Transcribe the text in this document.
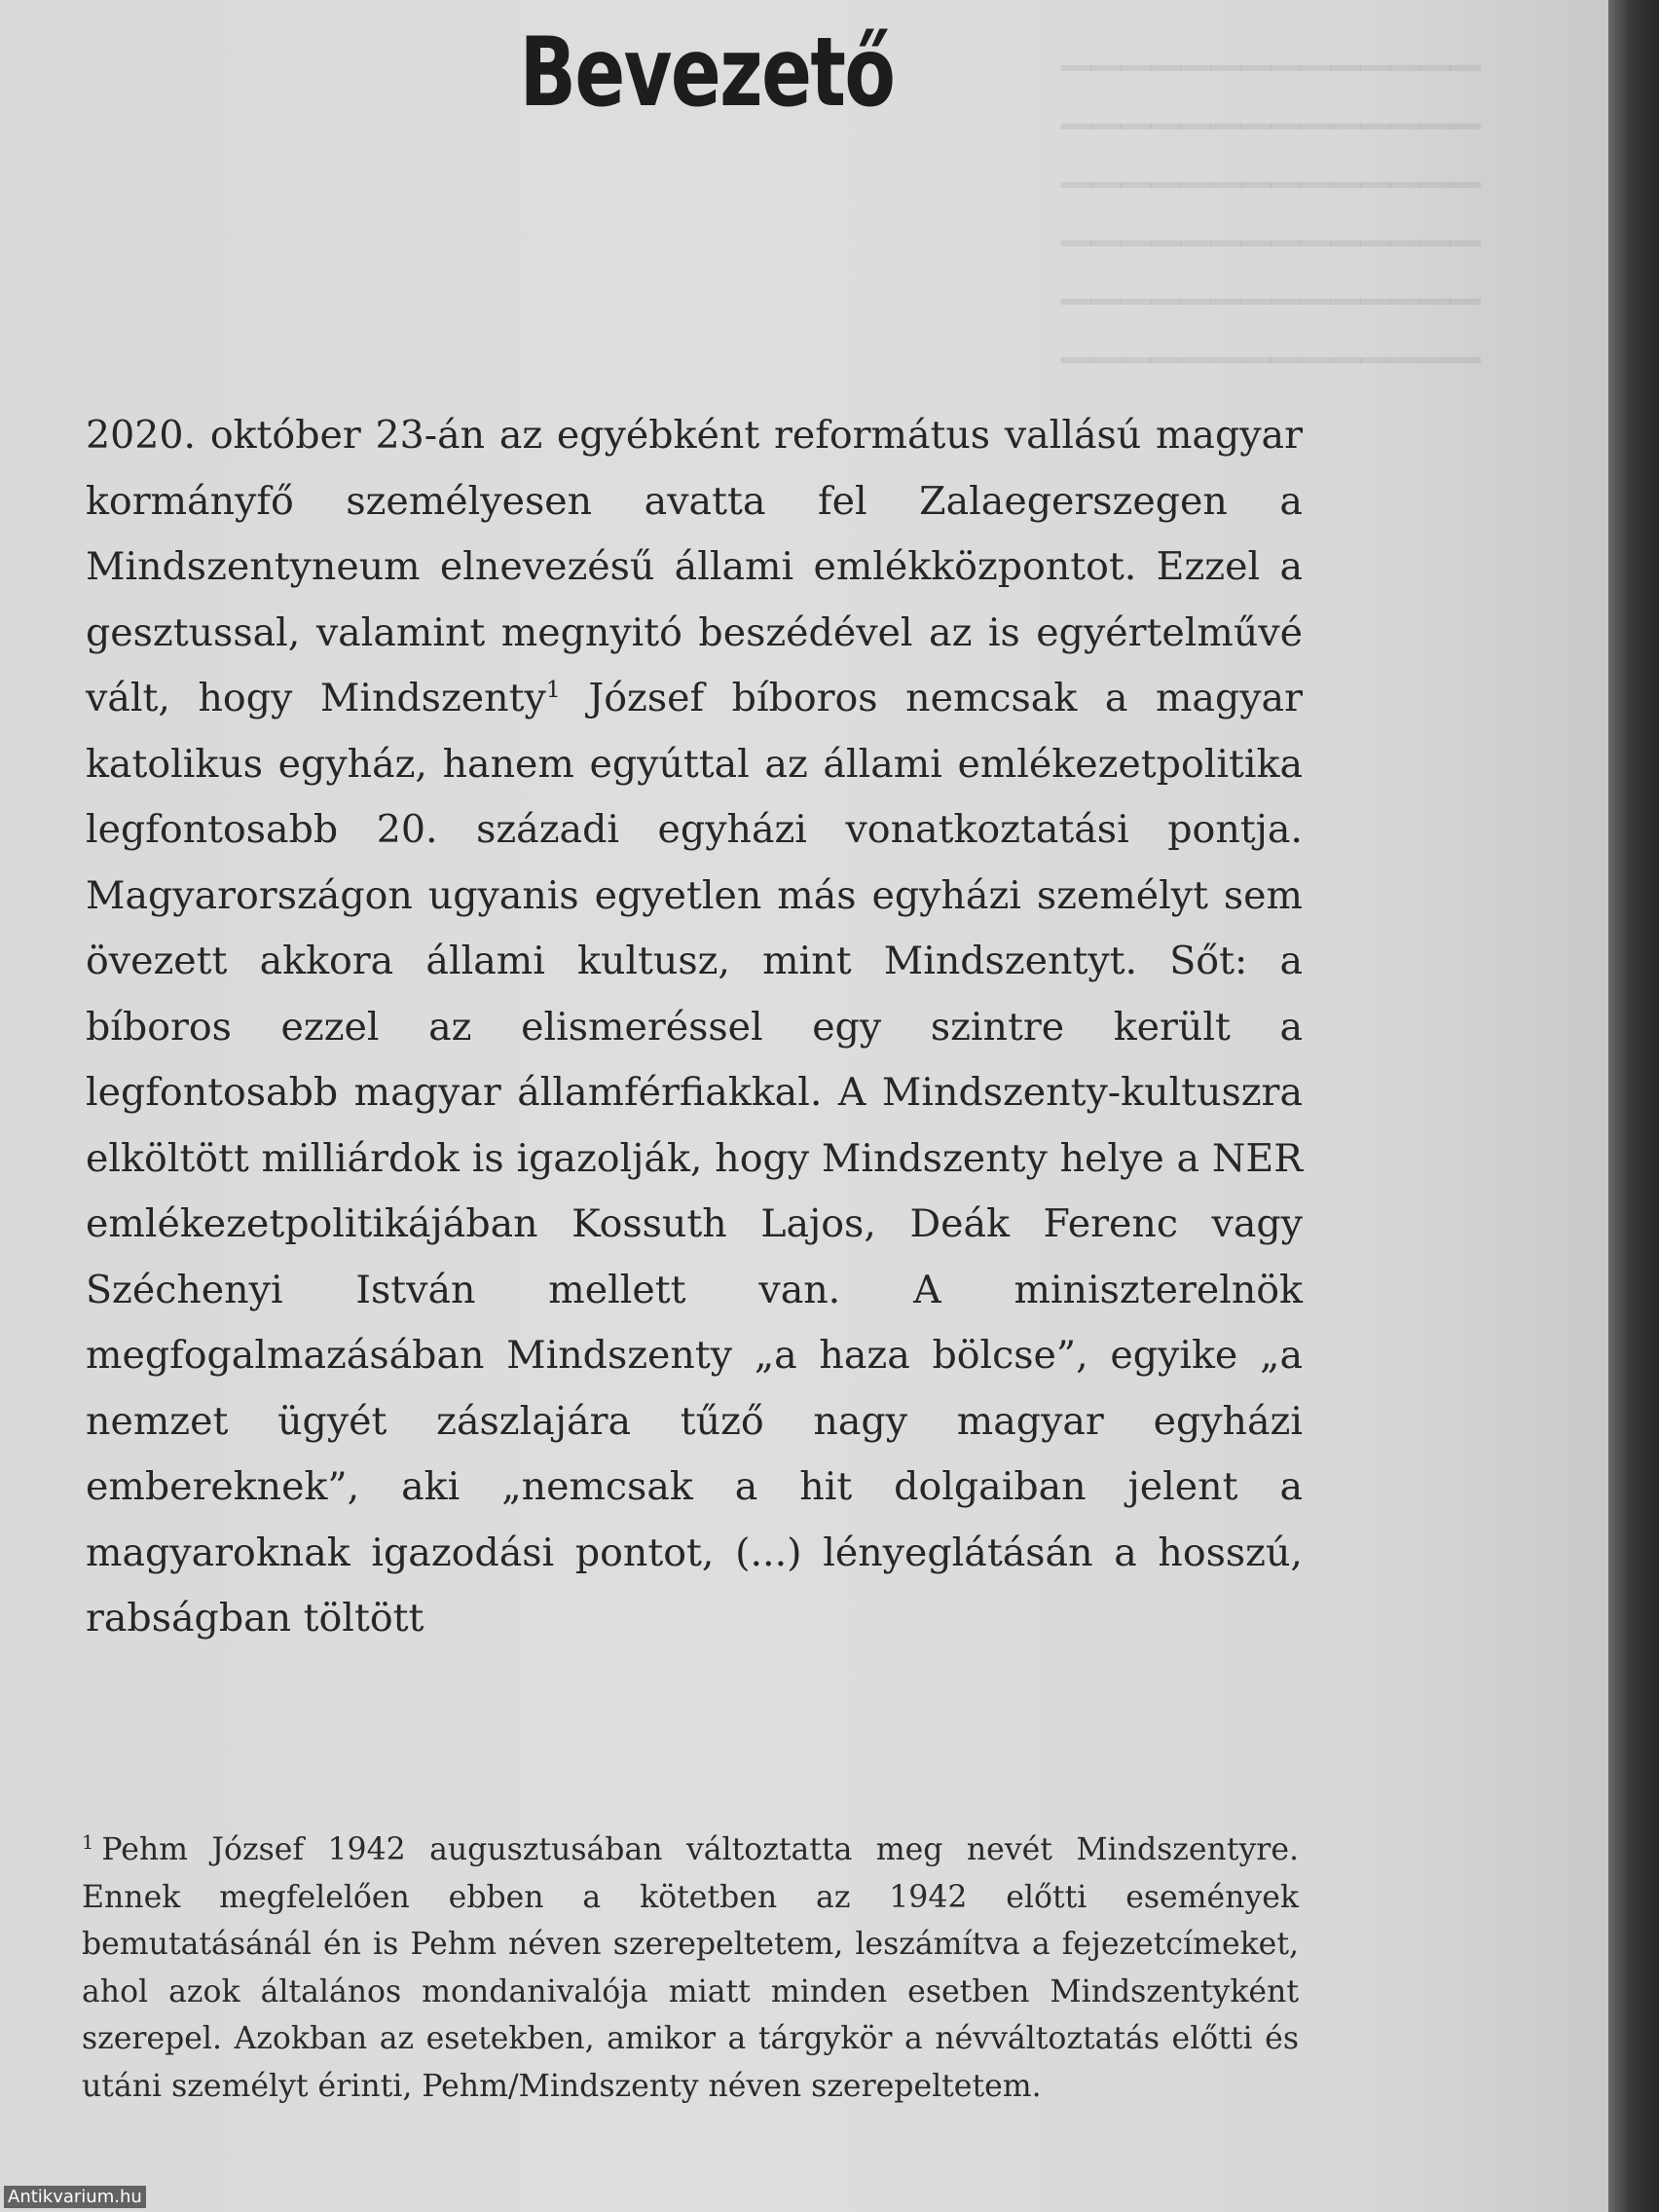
▁▁▁▁▁▁▁▁▁▁▁▁▁▁
▁▁▁▁▁▁▁▁▁▁▁▁▁▁
▁▁▁▁▁▁▁▁▁▁▁▁▁▁
▁▁▁▁▁▁▁▁▁▁▁▁▁▁
▁▁▁▁▁▁▁▁▁▁▁▁▁▁
▁▁▁▁▁▁▁▁▁▁▁▁▁▁
Bevezető

2020. október 23-án az egyébként református vallású magyar kormányfő személyesen avatta fel Zalaegerszegen a Mindszentyneum elnevezésű állami emlékközpontot. Ezzel a gesztussal, valamint megnyitó beszédével az is egyértelművé vált, hogy Mindszenty$^1$ József bíboros nemcsak a magyar katolikus egyház, hanem egyúttal az állami emlékezetpolitika legfontosabb 20. századi egyházi vonatkoztatási pontja. Magyarországon ugyanis egyetlen más egyházi személyt sem övezett akkora állami kultusz, mint Mindszentyt. Sőt: a bíboros ezzel az elismeréssel egy szintre került a legfontosabb magyar államférfiakkal. A Mindszenty-kultuszra elköltött milliárdok is igazolják, hogy Mindszenty helye a NER emlékezetpolitikájában Kossuth Lajos, Deák Ferenc vagy Széchenyi István mellett van. A miniszterelnök megfogalmazásában Mindszenty „a haza bölcse”, egyike „a nemzet ügyét zászlajára tűző nagy magyar egyházi embereknek”, aki „nemcsak a hit dolgaiban jelent a magyaroknak igazodási pontot, (...) lényeglátásán a hosszú, rabságban töltött

$^1$ Pehm József 1942 augusztusában változtatta meg nevét Mindszentyre. Ennek megfelelően ebben a kötetben az 1942 előtti események bemutatásánál én is Pehm néven szerepeltetem, leszámítva a fejezetcímeket, ahol azok általános mondanivalója miatt minden esetben Mindszentyként szerepel. Azokban az esetekben, amikor a tárgykör a névváltoztatás előtti és utáni személyt érinti, Pehm/Mindszenty néven szerepeltetem.

Antikvarium.hu
